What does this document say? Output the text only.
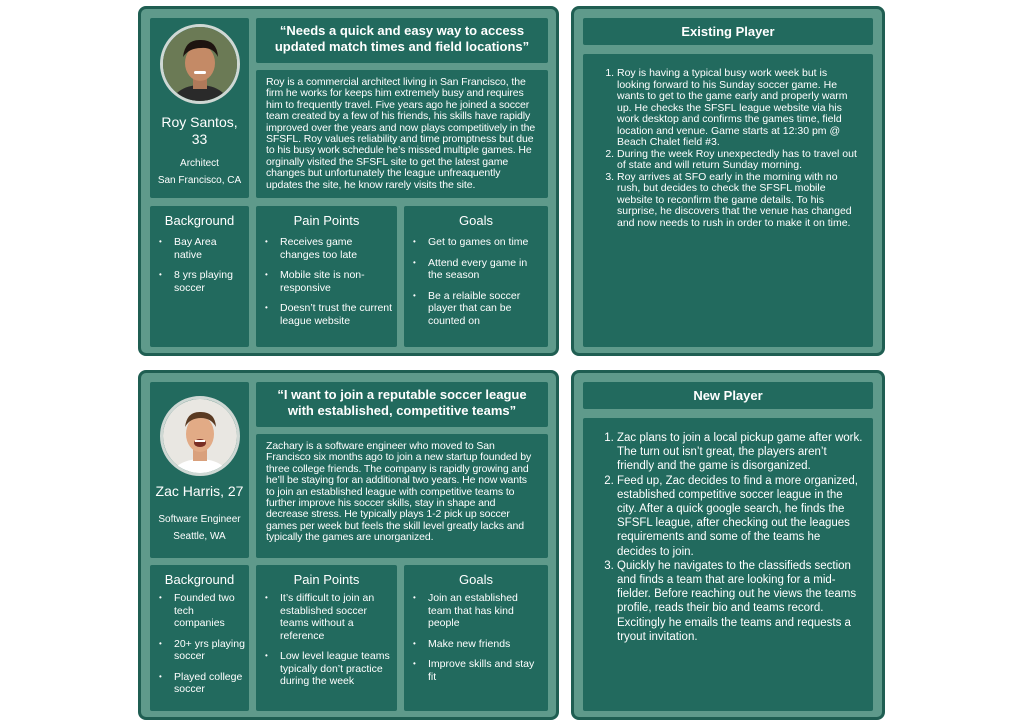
Roy Santos,
33
Architect
San Francisco, CA
“Needs a quick and easy way to access updated match times and field locations”
Roy is a commercial architect living in San Francisco, the firm he works for keeps him extremely busy and requires him to frequently travel. Five years ago he joined a soccer team created by a few of his friends, his skills have rapidly improved over the years and now plays competitively in the SFSFL. Roy values reliability and time promptness but due to his busy work schedule he’s missed multiple games. He orginally visited the SFSFL site to get the latest game changes but unfortunately the league unfreaquently updates the site, he know rarely visits the site.
Background
• Bay Area native
• 8 yrs playing soccer
Pain Points
• Receives game changes too late
• Mobile site is non-responsive
• Doesn’t trust the current league website
Goals
• Get to games on time
• Attend every game in the season
• Be a relaible soccer player that can be counted on
Existing Player
1. Roy is having a typical busy work week but is looking forward to his Sunday soccer game. He wants to get to the game early and properly warm up. He checks the SFSFL league website via his work desktop and confirms the games time, field location and venue. Game starts at 12:30 pm @ Beach Chalet field #3.
2. During the week Roy unexpectedly has to travel out of state and will return Sunday morning.
3. Roy arrives at SFO early in the morning with no rush, but decides to check the SFSFL mobile website to reconfirm the game details. To his surprise, he discovers that the venue has changed and now needs to rush in order to make it on time.
Zac Harris, 27
Software Engineer
Seattle, WA
“I want to join a reputable soccer league with established, competitive teams”
Zachary is a software engineer who moved to San Francisco six months ago to join a new startup founded by three college friends. The company is rapidly growing and he’ll be staying for an additional two years. He now wants to join an established league with competitive teams to further improve his soccer skills, stay in shape and decrease stress. He typically plays 1-2 pick up soccer games per week but feels the skill level greatly lacks and typically the games are unorganized.
Background
• Founded two tech companies
• 20+ yrs playing soccer
• Played college soccer
Pain Points
• It’s difficult to join an established soccer teams without a reference
• Low level league teams typically don’t practice during the week
Goals
• Join an established team that has kind people
• Make new friends
• Improve skills and stay fit
New Player
1. Zac plans to join a local pickup game after work. The turn out isn’t great, the players aren’t friendly and the game is disorganized.
2. Feed up, Zac decides to find a more organized, established competitive soccer league in the city. After a quick google search, he finds the SFSFL league, after checking out the leagues requirements and some of the teams he decides to join.
3. Quickly he navigates to the classifieds section and finds a team that are looking for a mid-fielder. Before reaching out he views the teams profile, reads their bio and teams record. Excitingly he emails the teams and requests a tryout invitation.
